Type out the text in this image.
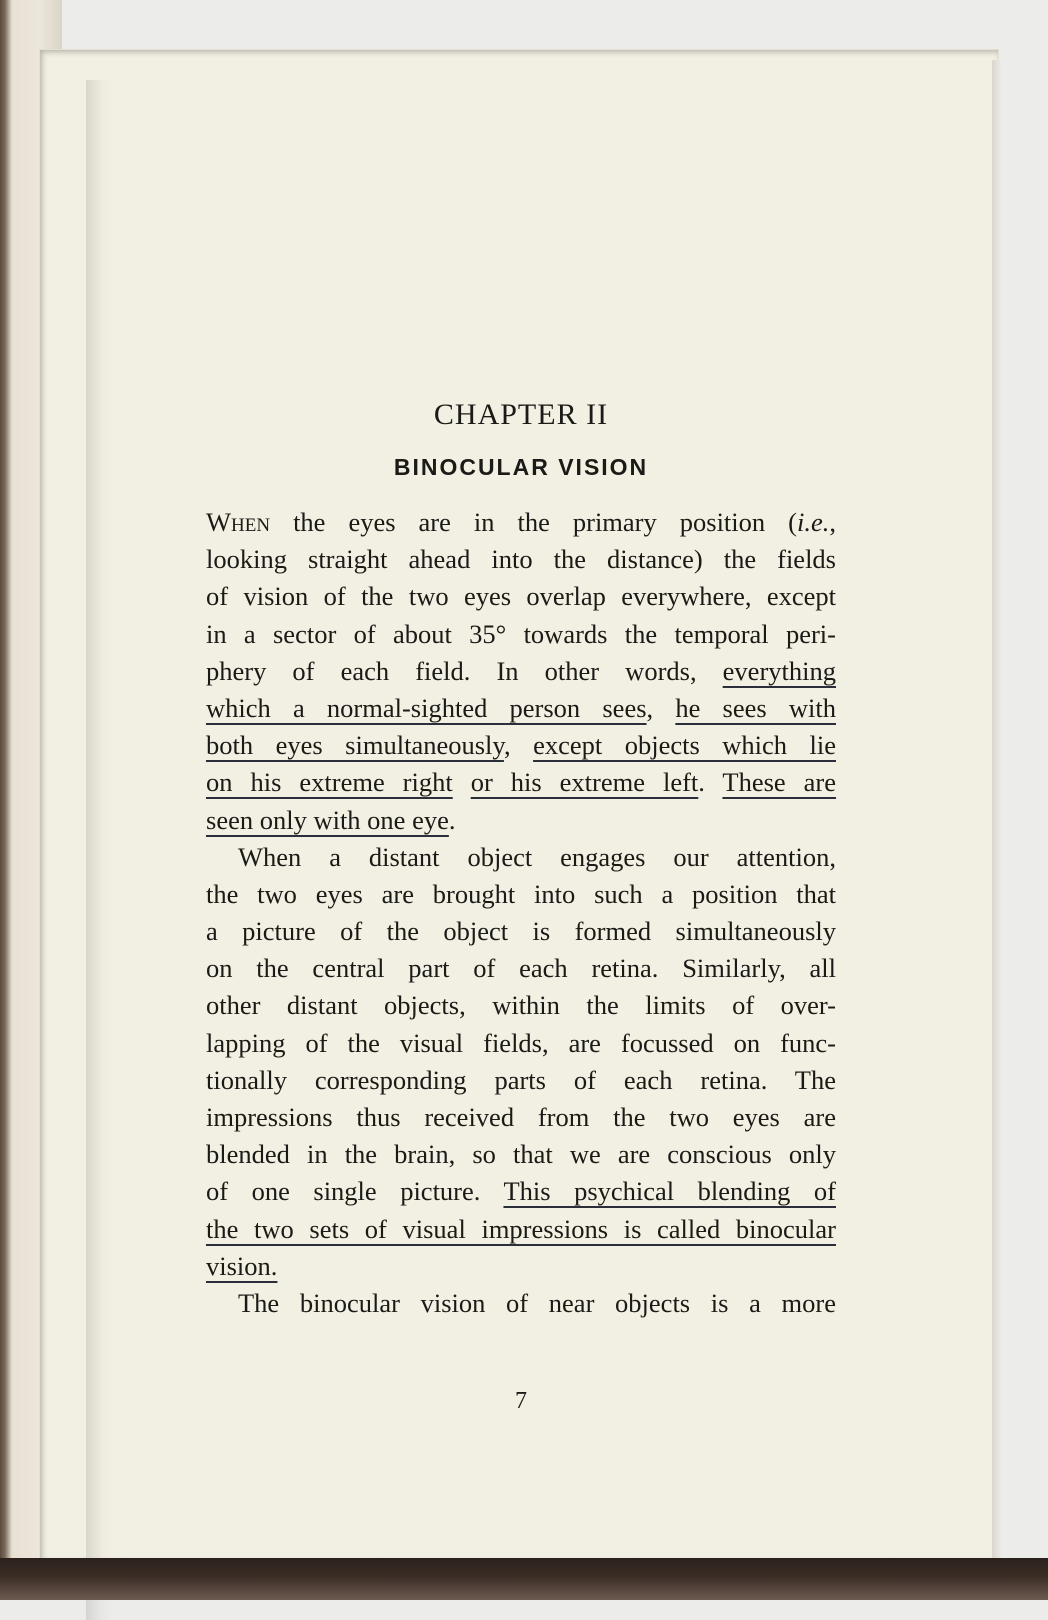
CHAPTER II
BINOCULAR VISION
When the eyes are in the primary position (i.e.,
looking straight ahead into the distance) the fields
of vision of the two eyes overlap everywhere, except
in a sector of about 35° towards the temporal peri-
phery of each field. In other words, everything
which a normal-sighted person sees, he sees with
both eyes simultaneously, except objects which lie
on his extreme right or his extreme left. These are
seen only with one eye.
When a distant object engages our attention,
the two eyes are brought into such a position that
a picture of the object is formed simultaneously
on the central part of each retina. Similarly, all
other distant objects, within the limits of over-
lapping of the visual fields, are focussed on func-
tionally corresponding parts of each retina. The
impressions thus received from the two eyes are
blended in the brain, so that we are conscious only
of one single picture. This psychical blending of
the two sets of visual impressions is called binocular
vision.
The binocular vision of near objects is a more
7
